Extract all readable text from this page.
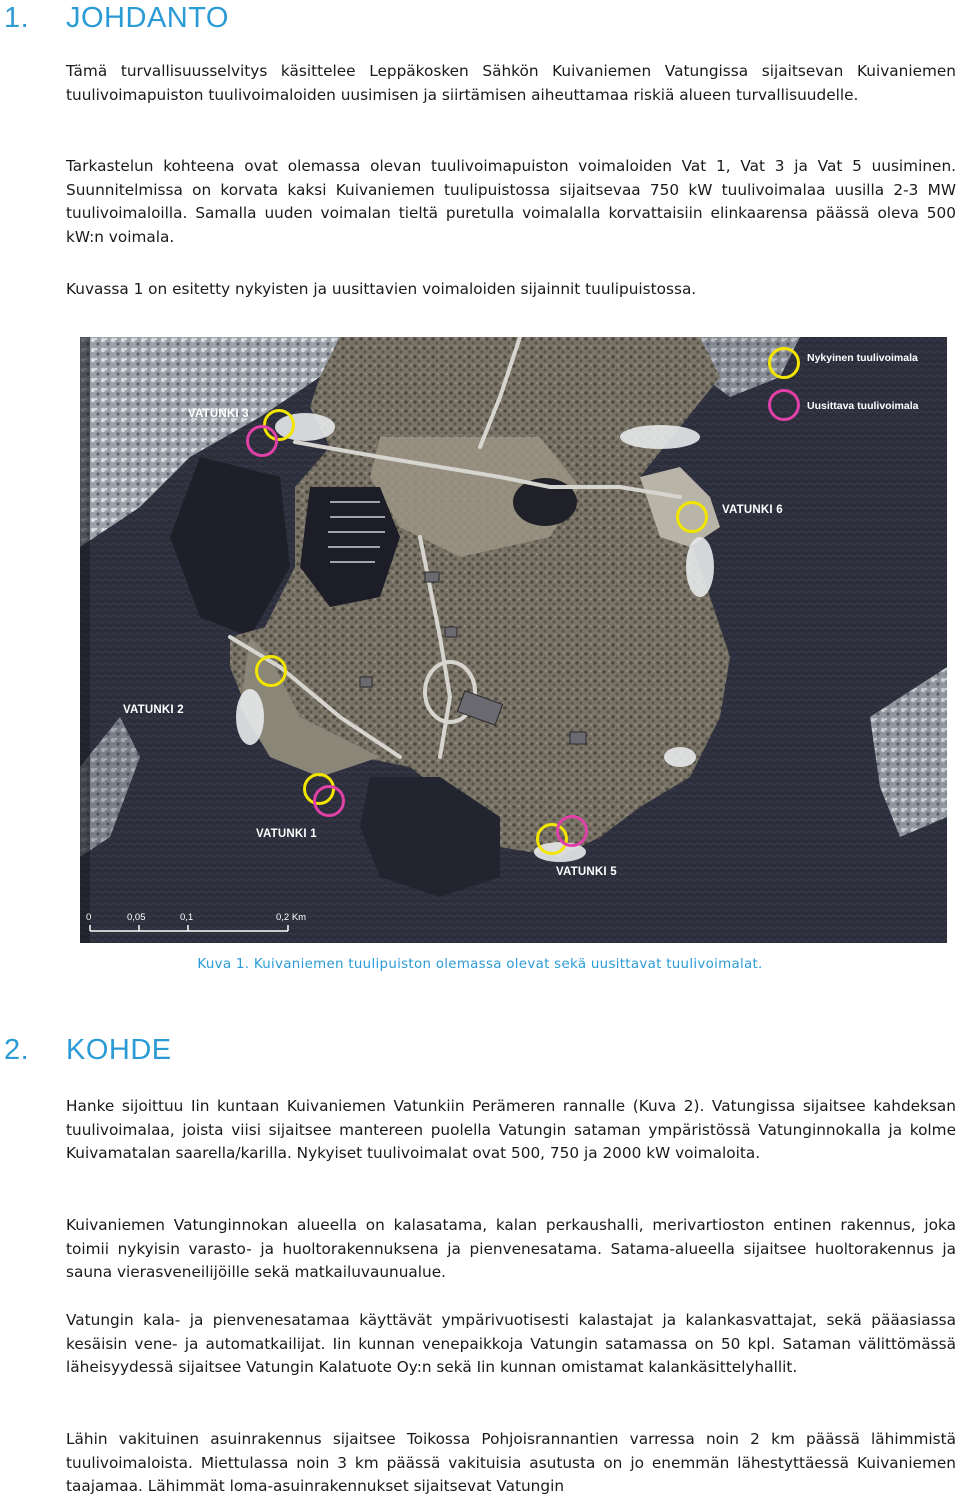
1. JOHDANTO

Tämä turvallisuusselvitys käsittelee Leppäkosken Sähkön Kuivaniemen Vatungissa sijaitsevan Kuivaniemen tuulivoimapuiston tuulivoimaloiden uusimisen ja siirtämisen aiheuttamaa riskiä alueen turvallisuudelle.

Tarkastelun kohteena ovat olemassa olevan tuulivoimapuiston voimaloiden Vat 1, Vat 3 ja Vat 5 uusiminen. Suunnitelmissa on korvata kaksi Kuivaniemen tuulipuistossa sijaitsevaa 750 kW tuulivoimalaa uusilla 2-3 MW tuulivoimaloilla. Samalla uuden voimalan tieltä puretulla voimalalla korvattaisiin elinkaarensa päässä oleva 500 kW:n voimala.

Kuvassa 1 on esitetty nykyisten ja uusittavien voimaloiden sijainnit tuulipuistossa.

Nykyinen tuulivoimala
Uusittava tuulivoimala
VATUNKI 3
VATUNKI 6
VATUNKI 2
VATUNKI 1
VATUNKI 5
0	0,05	0,1	0,2 Km
Kuva 1. Kuivaniemen tuulipuiston olemassa olevat sekä uusittavat tuulivoimalat.
2. KOHDE

Hanke sijoittuu Iin kuntaan Kuivaniemen Vatunkiin Perämeren rannalle (Kuva 2). Vatungissa sijaitsee kahdeksan tuulivoimalaa, joista viisi sijaitsee mantereen puolella Vatungin sataman ympäristössä Vatunginnokalla ja kolme Kuivamatalan saarella/karilla. Nykyiset tuulivoimalat ovat 500, 750 ja 2000 kW voimaloita.

Kuivaniemen Vatunginnokan alueella on kalasatama, kalan perkaushalli, merivartioston entinen rakennus, joka toimii nykyisin varasto- ja huoltorakennuksena ja pienvenesatama. Satama-alueella sijaitsee huoltorakennus ja sauna vierasveneilijöille sekä matkailuvaunualue.

Vatungin kala- ja pienvenesatamaa käyttävät ympärivuotisesti kalastajat ja kalankasvattajat, sekä pääasiassa kesäisin vene- ja automatkailijat. Iin kunnan venepaikkoja Vatungin satamassa on 50 kpl. Sataman välittömässä läheisyydessä sijaitsee Vatungin Kalatuote Oy:n sekä Iin kunnan omistamat kalankäsittelyhallit.

Lähin vakituinen asuinrakennus sijaitsee Toikossa Pohjoisrannantien varressa noin 2 km päässä lähimmistä tuulivoimaloista. Miettulassa noin 3 km päässä vakituisia asutusta on jo enemmän lähestyttäessä Kuivaniemen taajamaa. Lähimmät loma-asuinrakennukset sijaitsevat Vatungin
